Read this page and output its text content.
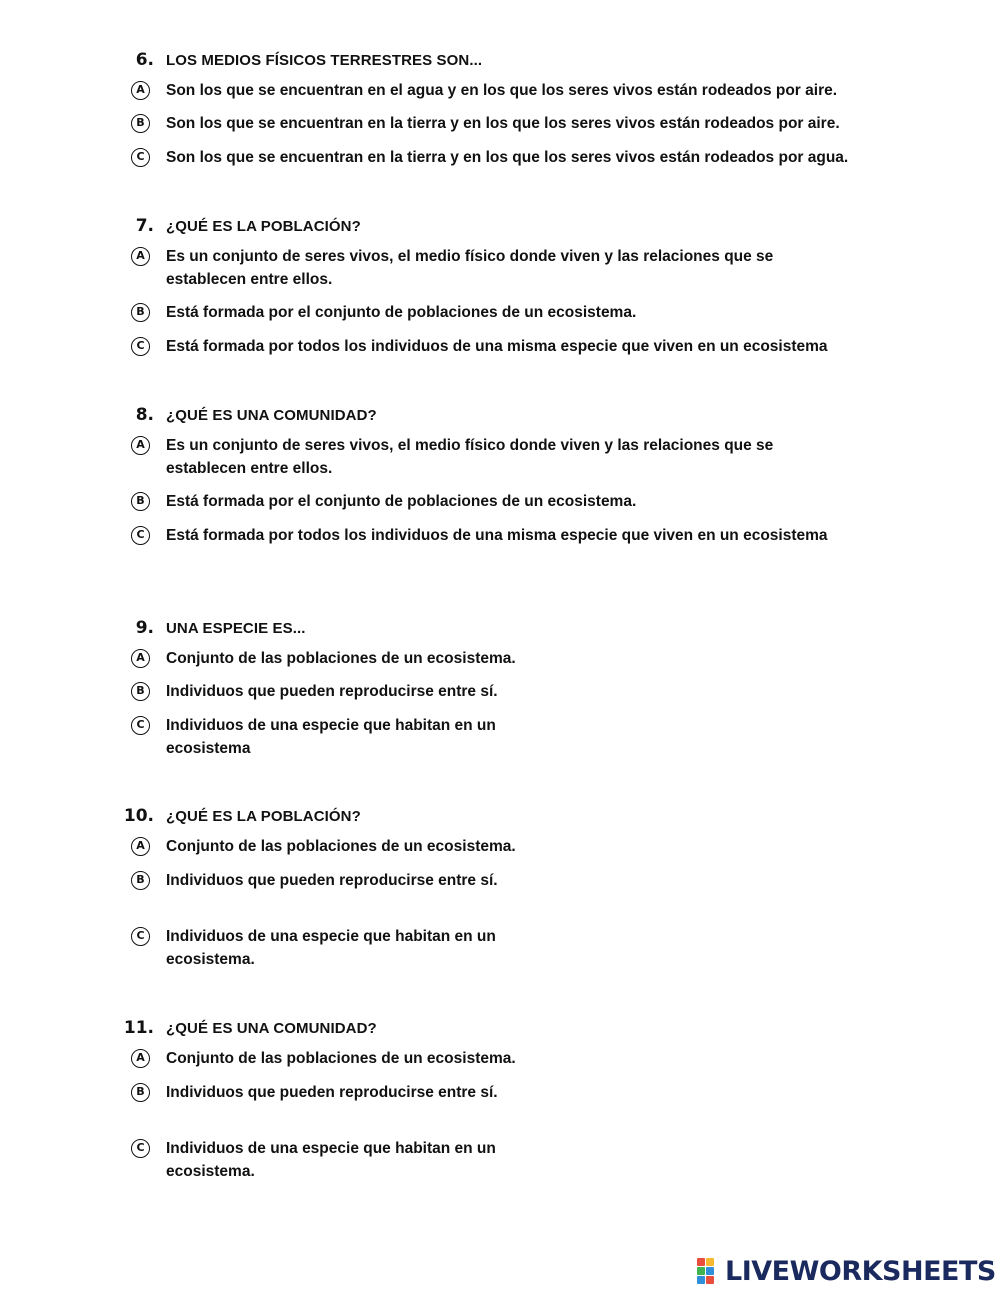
6. LOS MEDIOS FÍSICOS TERRESTRES SON...
A	Son los que se encuentran en el agua y en los que los seres vivos están rodeados por aire.
B	Son los que se encuentran en la tierra y en los que los seres vivos están rodeados por aire.
C	Son los que se encuentran en la tierra y en los que los seres vivos están rodeados por agua.
7. ¿QUÉ ES LA POBLACIÓN?
A	Es un conjunto de seres vivos, el medio físico donde viven y las relaciones que se establecen entre ellos.
B	Está formada por el conjunto de poblaciones de un ecosistema.
C	Está formada por todos los individuos de una misma especie que viven en un ecosistema
8. ¿QUÉ ES UNA COMUNIDAD?
A	Es un conjunto de seres vivos, el medio físico donde viven y las relaciones que se establecen entre ellos.
B	Está formada por el conjunto de poblaciones de un ecosistema.
C	Está formada por todos los individuos de una misma especie que viven en un ecosistema
9. UNA ESPECIE ES...
A	Conjunto de las poblaciones de un ecosistema.
B	Individuos que pueden reproducirse entre sí.
C	Individuos de una especie que habitan en un ecosistema
10. ¿QUÉ ES LA POBLACIÓN?
A	Conjunto de las poblaciones de un ecosistema.
B	Individuos que pueden reproducirse entre sí.
C	Individuos de una especie que habitan en un ecosistema.
11. ¿QUÉ ES UNA COMUNIDAD?
A	Conjunto de las poblaciones de un ecosistema.
B	Individuos que pueden reproducirse entre sí.
C	Individuos de una especie que habitan en un ecosistema.
LIVEWORKSHEETS
